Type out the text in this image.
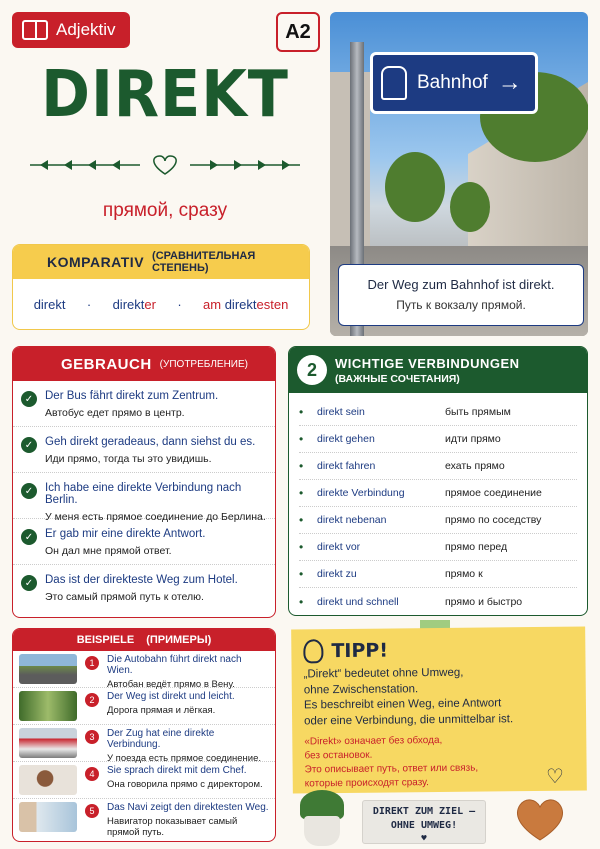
Adjektiv	A2
DIREKT
прямой, сразу
Bahnhof →
Der Weg zum Bahnhof ist direkt.
Путь к вокзалу прямой.
KOMPARATIV (СРАВНИТЕЛЬНАЯ СТЕПЕНЬ)
direkt · direkter · am direktesten
GEBRAUCH (УПОТРЕБЛЕНИЕ)
✓	Der Bus fährt direkt zum Zentrum.
Автобус едет прямо в центр.
✓	Geh direkt geradeaus, dann siehst du es.
Иди прямо, тогда ты это увидишь.
✓	Ich habe eine direkte Verbindung nach Berlin.
У меня есть прямое соединение до Берлина.
✓	Er gab mir eine direkte Antwort.
Он дал мне прямой ответ.
✓	Das ist der direkteste Weg zum Hotel.
Это самый прямой путь к отелю.
2	WICHTIGE VERBINDUNGEN
(ВАЖНЫЕ СОЧЕТАНИЯ)
•	direkt sein	быть прямым
•	direkt gehen	идти прямо
•	direkt fahren	ехать прямо
•	direkte Verbindung	прямое соединение
•	direkt nebenan	прямо по соседству
•	direkt vor	прямо перед
•	direkt zu	прямо к
•	direkt und schnell	прямо и быстро
BEISPIELE (ПРИМЕРЫ)
1	Die Autobahn führt direkt nach Wien.
Автобан ведёт прямо в Вену.
2	Der Weg ist direkt und leicht.
Дорога прямая и лёгкая.
3	Der Zug hat eine direkte Verbindung.
У поезда есть прямое соединение.
4	Sie sprach direkt mit dem Chef.
Она говорила прямо с директором.
5	Das Navi zeigt den direktesten Weg.
Навигатор показывает самый прямой путь.
TIPP!

„Direkt“ bedeutet ohne Umweg,

ohne Zwischenstation.

Es beschreibt einen Weg, eine Antwort

oder eine Verbindung, die unmittelbar ist.

«Direkt» означает без обхода,

без остановок.

Это описывает путь, ответ или связь,

которые происходят сразу.	♡
DIREKT ZUM ZIEL –
OHNE UMWEG!
♥
